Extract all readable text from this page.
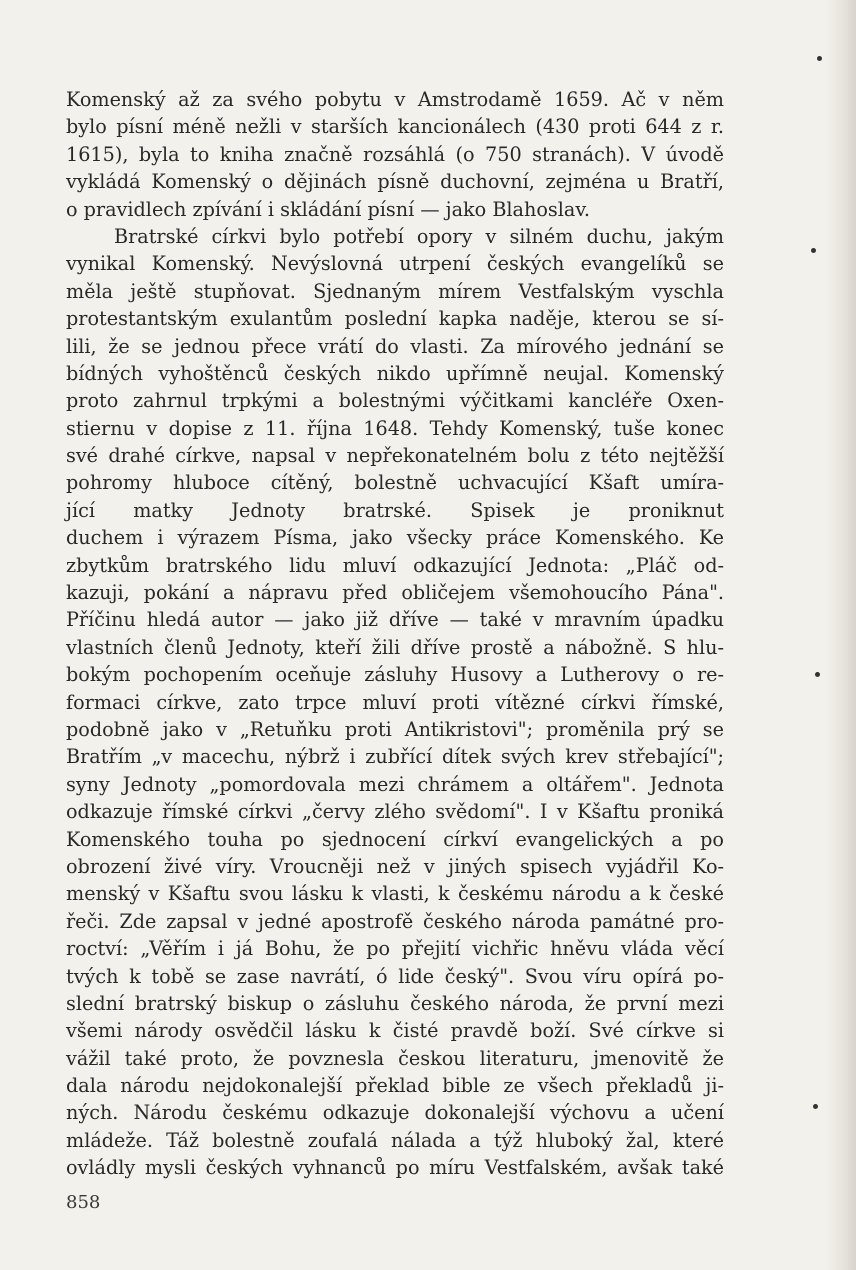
Komenský až za svého pobytu v Amstrodamě 1659. Ač v něm
bylo písní méně nežli v starších kancionálech (430 proti 644 z r.
1615), byla to kniha značně rozsáhlá (o 750 stranách). V úvodě
vykládá Komenský o dějinách písně duchovní, zejména u Bratří,
o pravidlech zpívání i skládání písní — jako Blahoslav.
Bratrské církvi bylo potřebí opory v silném duchu, jakým
vynikal Komenský. Nevýslovná utrpení českých evangelíků se
měla ještě stupňovat. Sjednaným mírem Vestfalským vyschla
protestantským exulantům poslední kapka naděje, kterou se sí-
lili, že se jednou přece vrátí do vlasti. Za mírového jednání se
bídných vyhoštěnců českých nikdo upřímně neujal. Komenský
proto zahrnul trpkými a bolestnými výčitkami kancléře Oxen-
stiernu v dopise z 11. října 1648. Tehdy Komenský, tuše konec
své drahé církve, napsal v nepřekonatelném bolu z této nejtěžší
pohromy hluboce cítěný, bolestně uchvacující Kšaft umíra-
jící matky Jednoty bratrské. Spisek je proniknut
duchem i výrazem Písma, jako všecky práce Komenského. Ke
zbytkům bratrského lidu mluví odkazující Jednota: „Pláč od-
kazuji, pokání a nápravu před obličejem všemohoucího Pána".
Příčinu hledá autor — jako již dříve — také v mravním úpadku
vlastních členů Jednoty, kteří žili dříve prostě a nábožně. S hlu-
bokým pochopením oceňuje zásluhy Husovy a Lutherovy o re-
formaci církve, zato trpce mluví proti vítězné církvi římské,
podobně jako v „Retuňku proti Antikristovi"; proměnila prý se
Bratřím „v macechu, nýbrž i zubřící dítek svých krev střebající";
syny Jednoty „pomordovala mezi chrámem a oltářem". Jednota
odkazuje římské církvi „červy zlého svědomí". I v Kšaftu proniká
Komenského touha po sjednocení církví evangelických a po
obrození živé víry. Vroucněji než v jiných spisech vyjádřil Ko-
menský v Kšaftu svou lásku k vlasti, k českému národu a k české
řeči. Zde zapsal v jedné apostrofě českého národa památné pro-
roctví: „Věřím i já Bohu, že po přejití vichřic hněvu vláda věcí
tvých k tobě se zase navrátí, ó lide český". Svou víru opírá po-
slední bratrský biskup o zásluhu českého národa, že první mezi
všemi národy osvědčil lásku k čisté pravdě boží. Své církve si
vážil také proto, že povznesla českou literaturu, jmenovitě že
dala národu nejdokonalejší překlad bible ze všech překladů ji-
ných. Národu českému odkazuje dokonalejší výchovu a učení
mládeže. Táž bolestně zoufalá nálada a týž hluboký žal, které
ovládly mysli českých vyhnanců po míru Vestfalském, avšak také
858
